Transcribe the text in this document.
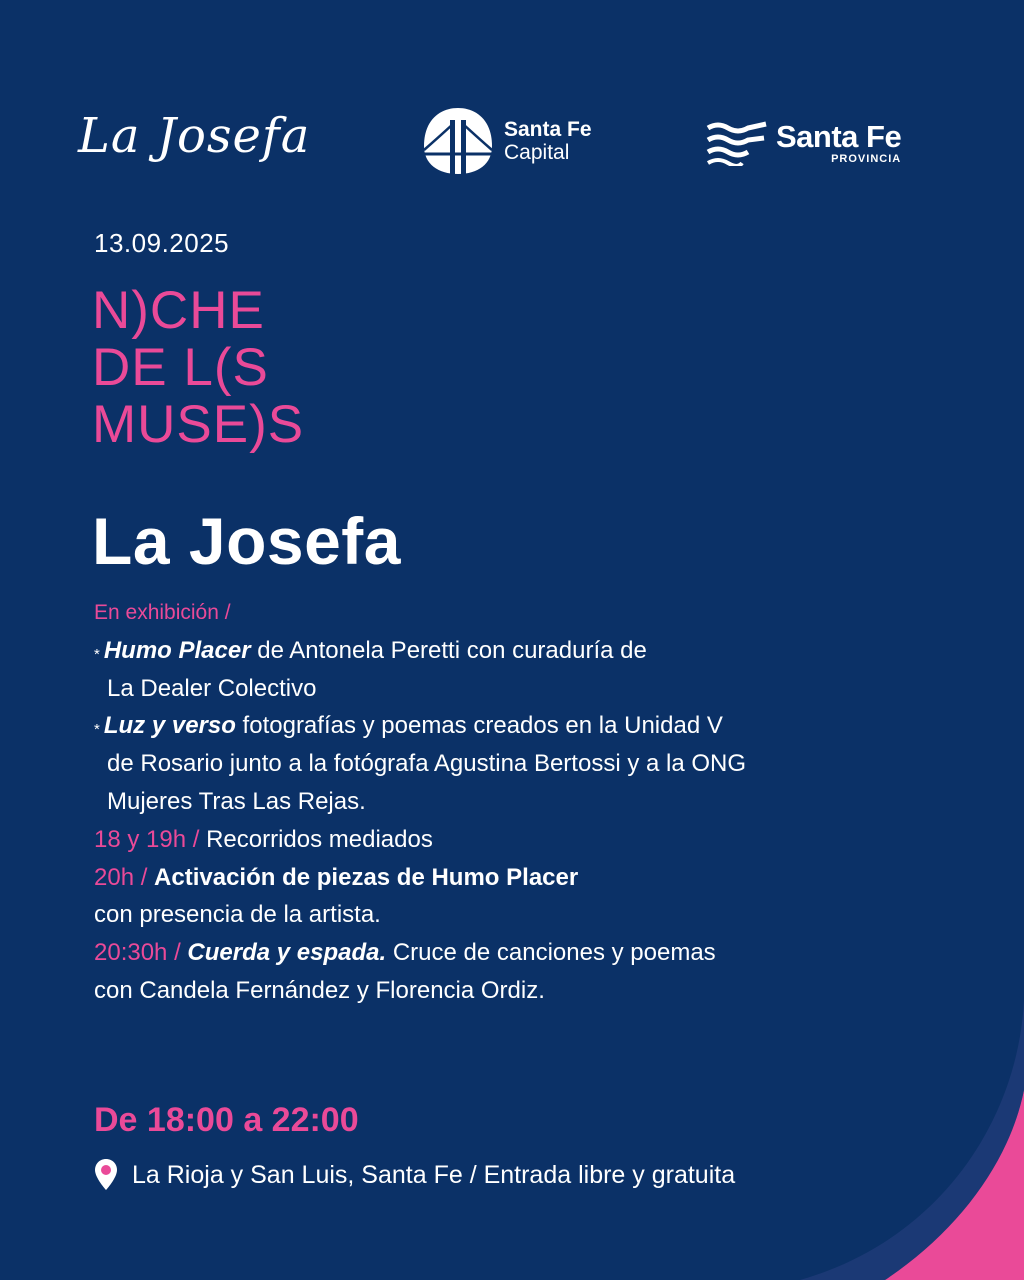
La Josefa	Santa Fe
Capital	Santa Fe
PROVINCIA
13.09.2025
N)CHE
DE L(S
MUSE)S
La Josefa
En exhibición /
* Humo Placer de Antonela Peretti con curaduría de
La Dealer Colectivo
* Luz y verso fotografías y poemas creados en la Unidad V
de Rosario junto a la fotógrafa Agustina Bertossi y a la ONG
Mujeres Tras Las Rejas.
18 y 19h / Recorridos mediados
20h / Activación de piezas de Humo Placer
con presencia de la artista.
20:30h / Cuerda y espada. Cruce de canciones y poemas
con Candela Fernández y Florencia Ordiz.
De 18:00 a 22:00
La Rioja y San Luis, Santa Fe / Entrada libre y gratuita
